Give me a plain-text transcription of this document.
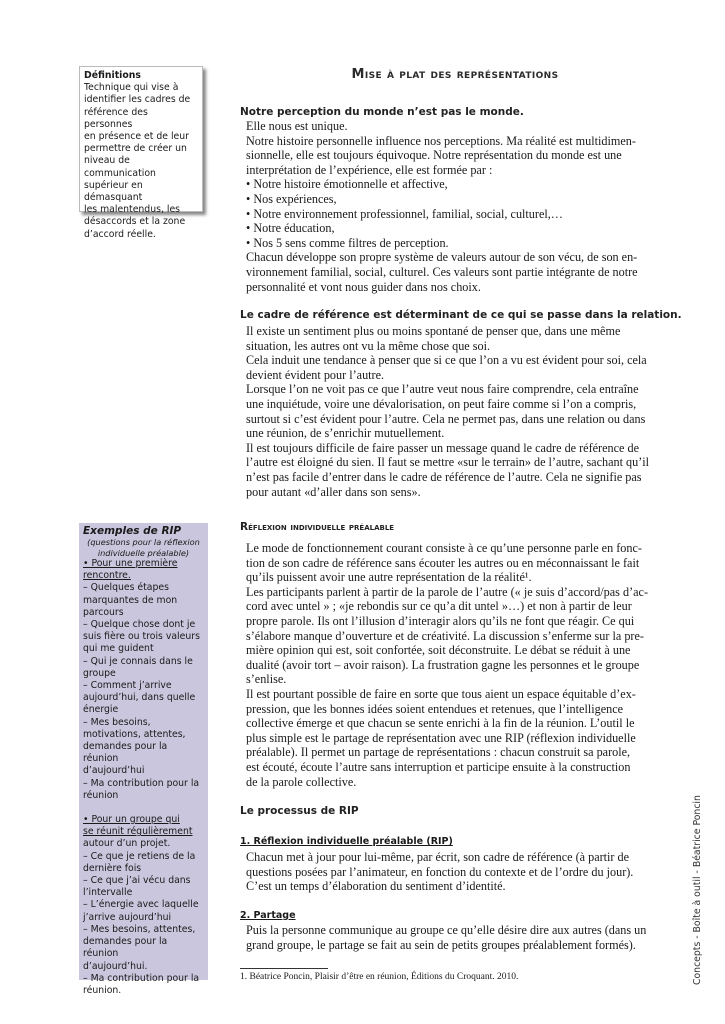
Définitions
Technique qui vise à
identifier les cadres de
référence des personnes
en présence et de leur
permettre de créer un
niveau de communication
supérieur en démasquant
les malentendus, les
désaccords et la zone
d’accord réelle.
Exemples de RIP
(questions pour la réflexion individuelle préalable)
• Pour une première
rencontre.
– Quelques étapes
marquantes de mon
parcours
– Quelque chose dont je
suis fière ou trois valeurs
qui me guident
– Qui je connais dans le
groupe
– Comment j’arrive
aujourd’hui, dans quelle
énergie
– Mes besoins,
motivations, attentes,
demandes pour la réunion
d’aujourd’hui
– Ma contribution pour la
réunion
• Pour un groupe qui
se réunit régulièrement
autour d’un projet.
– Ce que je retiens de la
dernière fois
– Ce que j’ai vécu dans
l’intervalle
– L’énergie avec laquelle
j’arrive aujourd’hui
– Mes besoins, attentes,
demandes pour la réunion
d’aujourd’hui.
– Ma contribution pour la
réunion.
Mise à plat des représentations
Notre perception du monde n’est pas le monde.

Elle nous est unique.

Notre histoire personnelle influence nos perceptions. Ma réalité est multidimen-

sionnelle, elle est toujours équivoque. Notre représentation du monde est une

interprétation de l’expérience, elle est formée par :

• Notre histoire émotionnelle et affective,

• Nos expériences,

• Notre environnement professionnel, familial, social, culturel,…

• Notre éducation,

• Nos 5 sens comme filtres de perception.

Chacun développe son propre système de valeurs autour de son vécu, de son en-

vironnement familial, social, culturel. Ces valeurs sont partie intégrante de notre

personnalité et vont nous guider dans nos choix.

Le cadre de référence est déterminant de ce qui se passe dans la relation.

Il existe un sentiment plus ou moins spontané de penser que, dans une même

situation, les autres ont vu la même chose que soi.

Cela induit une tendance à penser que si ce que l’on a vu est évident pour soi, cela

devient évident pour l’autre.

Lorsque l’on ne voit pas ce que l’autre veut nous faire comprendre, cela entraîne

une inquiétude, voire une dévalorisation, on peut faire comme si l’on a compris,

surtout si c’est évident pour l’autre. Cela ne permet pas, dans une relation ou dans

une réunion, de s’enrichir mutuellement.

Il est toujours difficile de faire passer un message quand le cadre de référence de

l’autre est éloigné du sien. Il faut se mettre «sur le terrain» de l’autre, sachant qu’il

n’est pas facile d’entrer dans le cadre de référence de l’autre. Cela ne signifie pas

pour autant «d’aller dans son sens».

Réflexion individuelle préalable

Le mode de fonctionnement courant consiste à ce qu’une personne parle en fonc-

tion de son cadre de référence sans écouter les autres ou en méconnaissant le fait

qu’ils puissent avoir une autre représentation de la réalité¹.

Les participants parlent à partir de la parole de l’autre (« je suis d’accord/pas d’ac-

cord avec untel » ; «je rebondis sur ce qu’a dit untel »…) et non à partir de leur

propre parole. Ils ont l’illusion d’interagir alors qu’ils ne font que réagir. Ce qui

s’élabore manque d’ouverture et de créativité. La discussion s’enferme sur la pre-

mière opinion qui est, soit confortée, soit déconstruite. Le débat se réduit à une

dualité (avoir tort – avoir raison). La frustration gagne les personnes et le groupe

s’enlise.

Il est pourtant possible de faire en sorte que tous aient un espace équitable d’ex-

pression, que les bonnes idées soient entendues et retenues, que l’intelligence

collective émerge et que chacun se sente enrichi à la fin de la réunion. L’outil le

plus simple est le partage de représentation avec une RIP (réflexion individuelle

préalable). Il permet un partage de représentations : chacun construit sa parole,

est écouté, écoute l’autre sans interruption et participe ensuite à la construction

de la parole collective.

Le processus de RIP
1. Réflexion individuelle préalable (RIP)

Chacun met à jour pour lui-même, par écrit, son cadre de référence (à partir de

questions posées par l’animateur, en fonction du contexte et de l’ordre du jour).

C’est un temps d’élaboration du sentiment d’identité.

2. Partage

Puis la personne communique au groupe ce qu’elle désire dire aux autres (dans un

grand groupe, le partage se fait au sein de petits groupes préalablement formés).

1. Béatrice Poncin, Plaisir d’être en réunion, Éditions du Croquant. 2010.	Concepts - Boîte à outil - Béatrice Poncin
